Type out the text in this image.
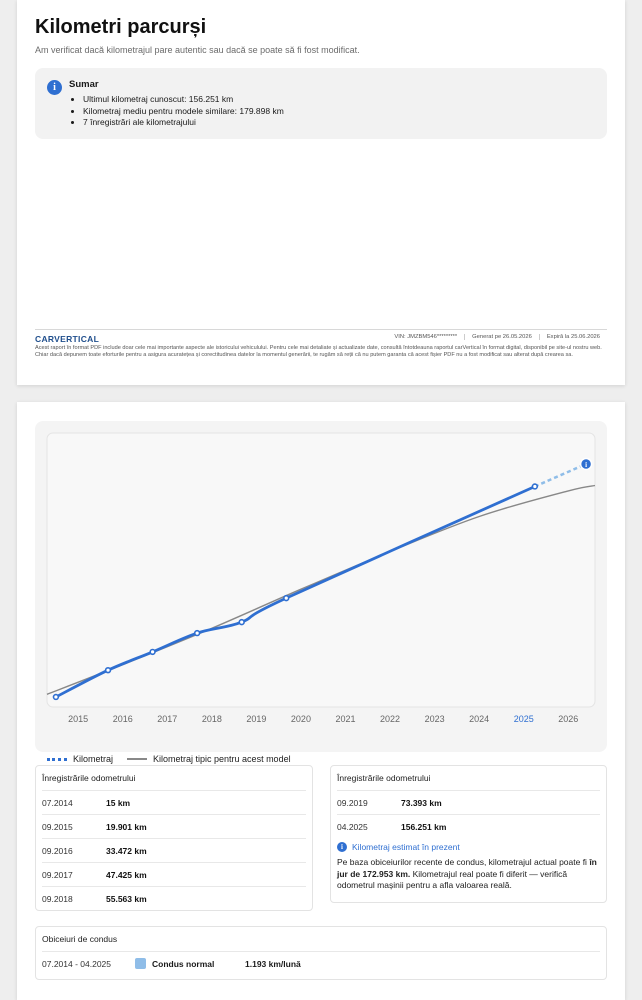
Kilometri parcurși
Am verificat dacă kilometrajul pare autentic sau dacă se poate să fi fost modificat.
i	Sumar
• Ultimul kilometraj cunoscut: 156.251 km
• Kilometraj mediu pentru modele similare: 179.898 km
• 7 înregistrări ale kilometrajului
CARVERTICAL	VIN: JMZBM546*********	Generat pe 26.05.2026	Expiră la 25.06.2026
Acest raport în format PDF include doar cele mai importante aspecte ale istoricului vehiculului. Pentru cele mai detaliate și actualizate date, consultă întotdeauna raportul carVertical în format digital, disponibil pe site-ul nostru web. Chiar dacă depunem toate eforturile pentru a asigura acuratețea și corectitudinea datelor la momentul generării, te rugăm să reții că nu putem garanta că acest fișier PDF nu a fost modificat sau alterat după crearea sa.
2015	2016	2017	2018	2019	2020	2021	2022	2023	2024	2025	2026
i
Kilometraj	Kilometraj tipic pentru acest model
Înregistrările odometrului
07.2014	15 km
09.2015	19.901 km
09.2016	33.472 km
09.2017	47.425 km
09.2018	55.563 km
Înregistrările odometrului
09.2019	73.393 km
04.2025	156.251 km
i	Kilometraj estimat în prezent
Pe baza obiceiurilor recente de condus, kilometrajul actual poate fi în jur de 172.953 km. Kilometrajul real poate fi diferit — verifică odometrul mașinii pentru a afla valoarea reală.
Obiceiuri de condus
07.2014 - 04.2025	Condus normal	1.193 km/lună
